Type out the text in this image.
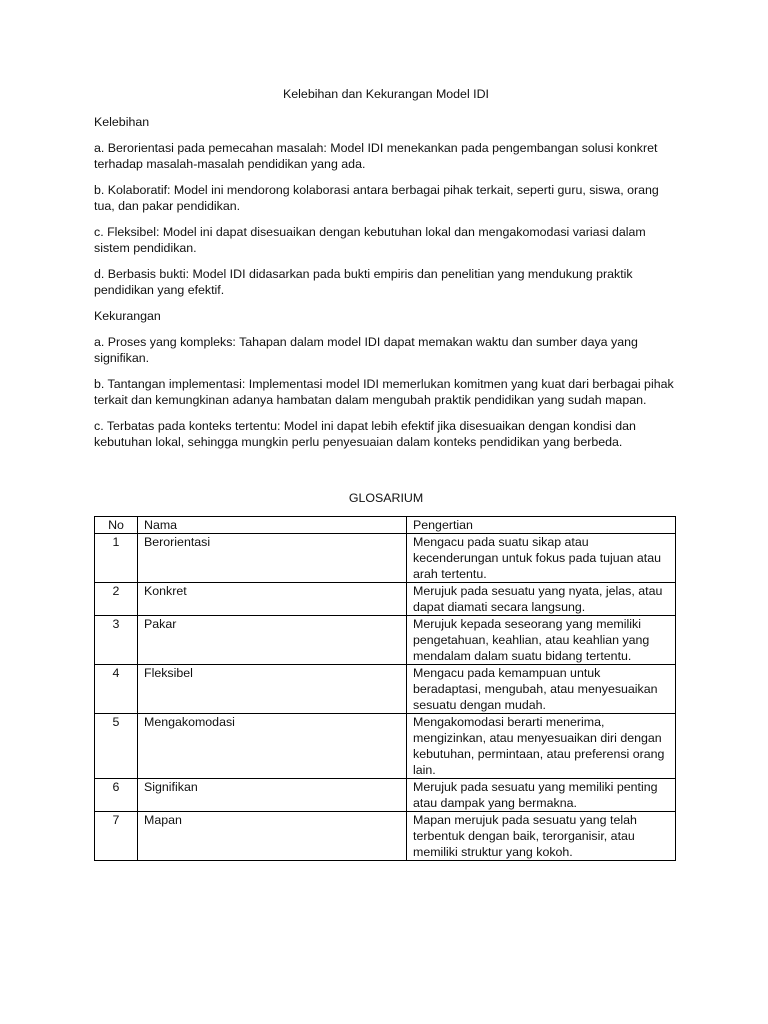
Kelebihan dan Kekurangan Model IDI
Kelebihan

a. Berorientasi pada pemecahan masalah: Model IDI menekankan pada pengembangan solusi konkret terhadap masalah-masalah pendidikan yang ada.

b. Kolaboratif: Model ini mendorong kolaborasi antara berbagai pihak terkait, seperti guru, siswa, orang tua, dan pakar pendidikan.

c. Fleksibel: Model ini dapat disesuaikan dengan kebutuhan lokal dan mengakomodasi variasi dalam sistem pendidikan.

d. Berbasis bukti: Model IDI didasarkan pada bukti empiris dan penelitian yang mendukung praktik pendidikan yang efektif.

Kekurangan

a. Proses yang kompleks: Tahapan dalam model IDI dapat memakan waktu dan sumber daya yang signifikan.

b. Tantangan implementasi: Implementasi model IDI memerlukan komitmen yang kuat dari berbagai pihak terkait dan kemungkinan adanya hambatan dalam mengubah praktik pendidikan yang sudah mapan.

c. Terbatas pada konteks tertentu: Model ini dapat lebih efektif jika disesuaikan dengan kondisi dan kebutuhan lokal, sehingga mungkin perlu penyesuaian dalam konteks pendidikan yang berbeda.

GLOSARIUM
No	Nama	Pengertian
1	Berorientasi	Mengacu pada suatu sikap atau kecenderungan untuk fokus pada tujuan atau arah tertentu.
2	Konkret	Merujuk pada sesuatu yang nyata, jelas, atau dapat diamati secara langsung.
3	Pakar	Merujuk kepada seseorang yang memiliki pengetahuan, keahlian, atau keahlian yang mendalam dalam suatu bidang tertentu.
4	Fleksibel	Mengacu pada kemampuan untuk beradaptasi, mengubah, atau menyesuaikan sesuatu dengan mudah.
5	Mengakomodasi	Mengakomodasi berarti menerima, mengizinkan, atau menyesuaikan diri dengan kebutuhan, permintaan, atau preferensi orang lain.
6	Signifikan	Merujuk pada sesuatu yang memiliki penting atau dampak yang bermakna.
7	Mapan	Mapan merujuk pada sesuatu yang telah terbentuk dengan baik, terorganisir, atau memiliki struktur yang kokoh.
